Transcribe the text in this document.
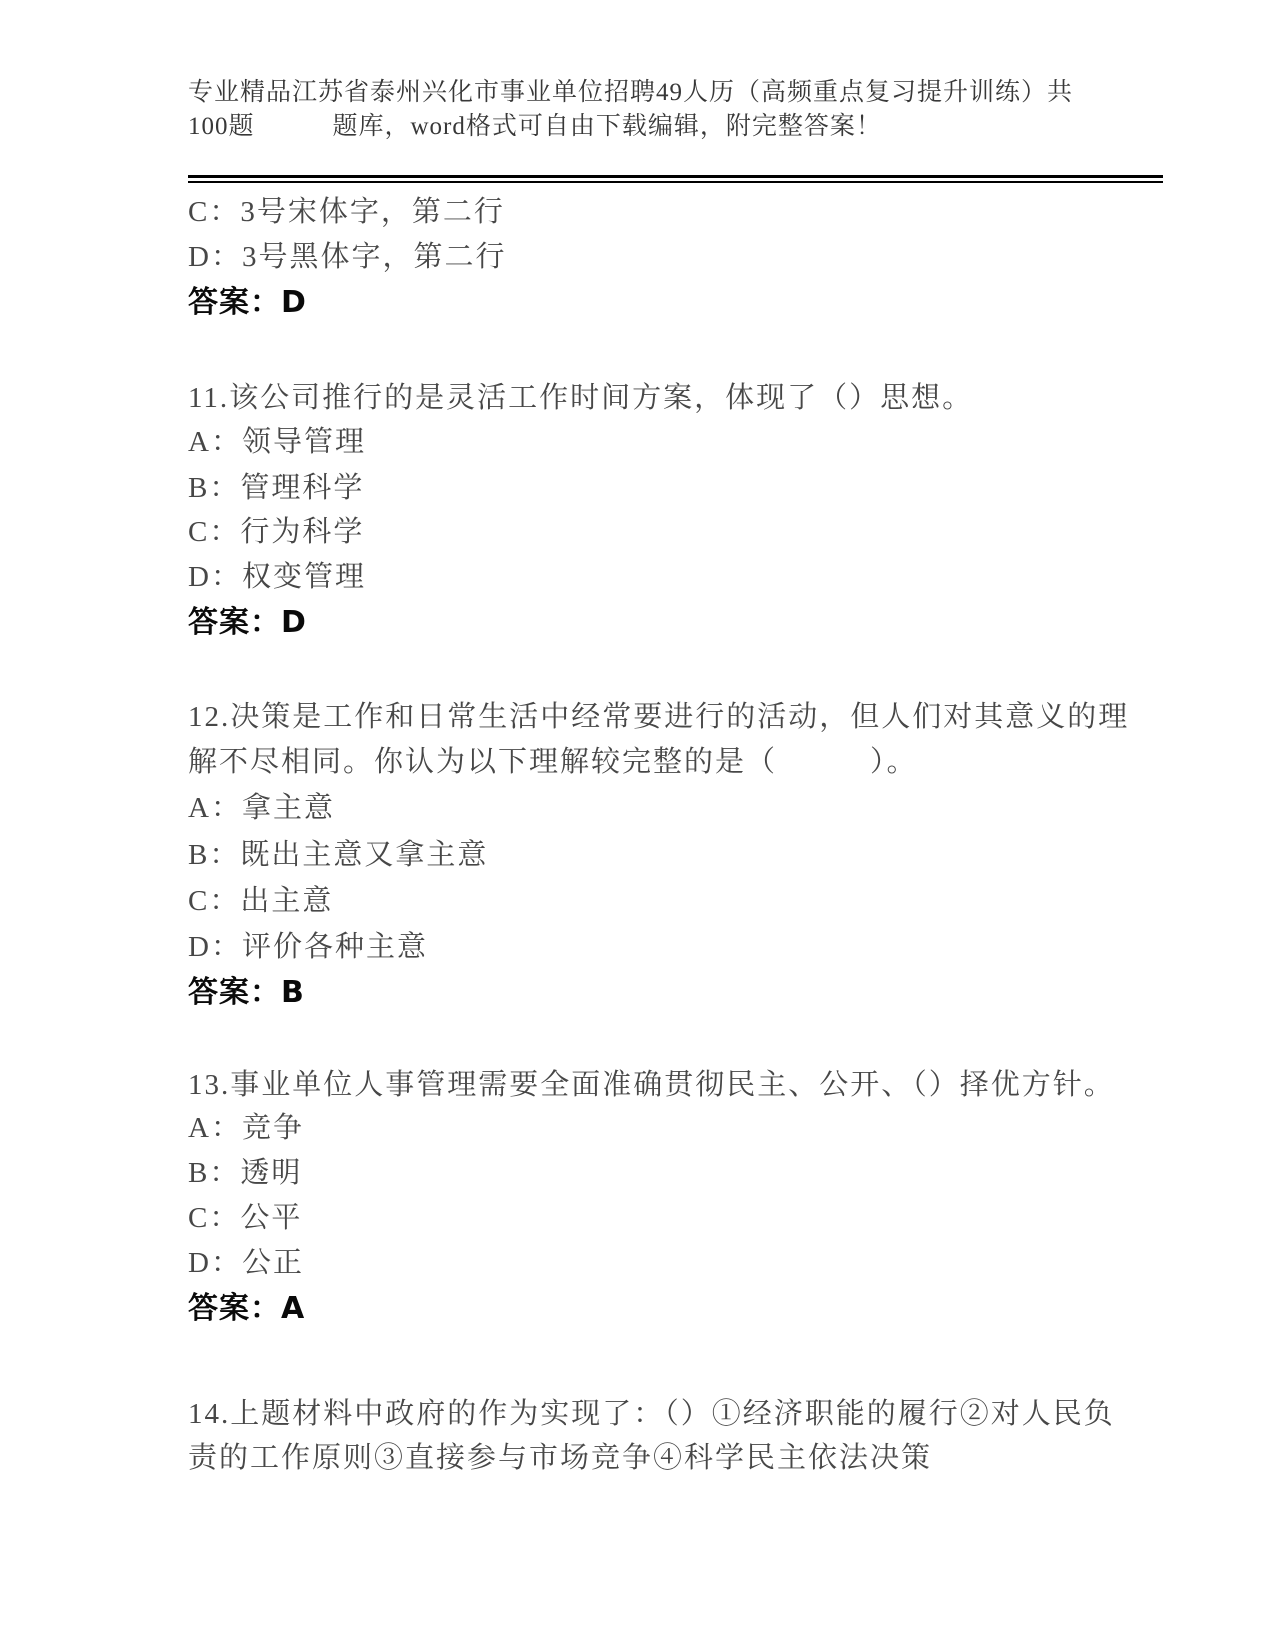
专业精品江苏省泰州兴化市事业单位招聘49人历（高频重点复习提升训练）共
100题　　　题库，word格式可自由下载编辑，附完整答案！
C：3号宋体字，第二行
D：3号黑体字，第二行
答案：D
11.该公司推行的是灵活工作时间方案，体现了（）思想。
A：领导管理
B：管理科学
C：行为科学
D：权变管理
答案：D
12.决策是工作和日常生活中经常要进行的活动，但人们对其意义的理
解不尽相同。你认为以下理解较完整的是（　　　）。
A：拿主意
B：既出主意又拿主意
C：出主意
D：评价各种主意
答案：B
13.事业单位人事管理需要全面准确贯彻民主、公开、（）择优方针。
A：竞争
B：透明
C：公平
D：公正
答案：A
14.上题材料中政府的作为实现了：（）①经济职能的履行②对人民负
责的工作原则③直接参与市场竞争④科学民主依法决策
